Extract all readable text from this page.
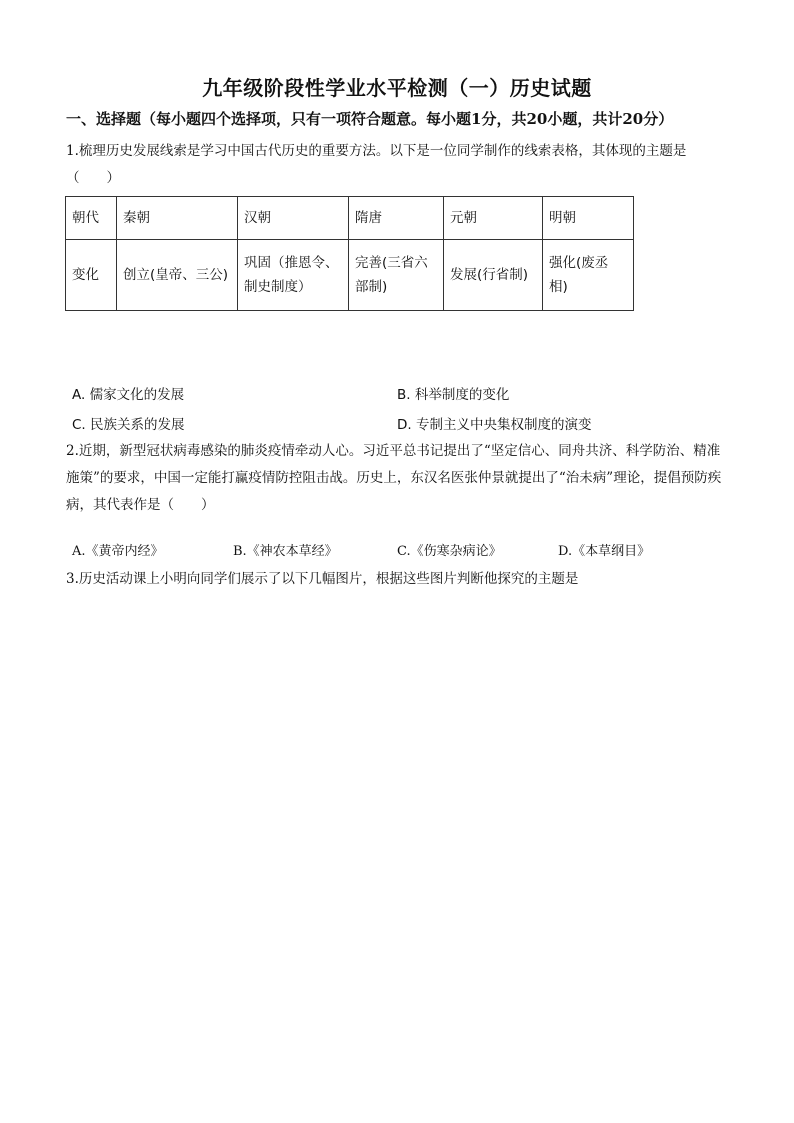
九年级阶段性学业水平检测（一）历史试题
一、选择题（每小题四个选择项，只有一项符合题意。每小题1分，共20小题，共计20分）
1.梳理历史发展线索是学习中国古代历史的重要方法。以下是一位同学制作的线索表格，其体现的主题是（　　）
朝代	秦朝	汉朝	隋唐	元朝	明朝
变化	创立(皇帝、三公)	巩固（推恩令、制史制度）	完善(三省六部制)	发展(行省制)	强化(废丞相)
A. 儒家文化的发展	B. 科举制度的变化
C. 民族关系的发展	D. 专制主义中央集权制度的演变
2.近期，新型冠状病毒感染的肺炎疫情牵动人心。习近平总书记提出了“坚定信心、同舟共济、科学防治、精准施策”的要求，中国一定能打赢疫情防控阻击战。历史上，东汉名医张仲景就提出了“治未病”理论，提倡预防疾病，其代表作是（　　）
A.《黄帝内经》	B.《神农本草经》	C.《伤寒杂病论》	D.《本草纲目》
3.历史活动课上小明向同学们展示了以下几幅图片，根据这些图片判断他探究的主题是
